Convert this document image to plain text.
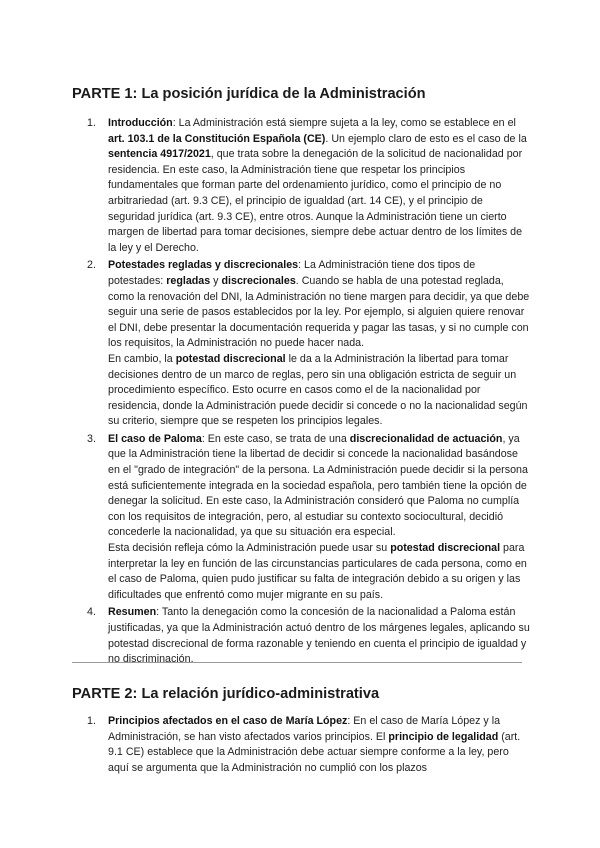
PARTE 1: La posición jurídica de la Administración
1. Introducción: La Administración está siempre sujeta a la ley, como se establece en el art. 103.1 de la Constitución Española (CE). Un ejemplo claro de esto es el caso de la sentencia 4917/2021, que trata sobre la denegación de la solicitud de nacionalidad por residencia. En este caso, la Administración tiene que respetar los principios fundamentales que forman parte del ordenamiento jurídico, como el principio de no arbitrariedad (art. 9.3 CE), el principio de igualdad (art. 14 CE), y el principio de seguridad jurídica (art. 9.3 CE), entre otros. Aunque la Administración tiene un cierto margen de libertad para tomar decisiones, siempre debe actuar dentro de los límites de la ley y el Derecho.

2. Potestades regladas y discrecionales: La Administración tiene dos tipos de potestades: regladas y discrecionales. Cuando se habla de una potestad reglada, como la renovación del DNI, la Administración no tiene margen para decidir, ya que debe seguir una serie de pasos establecidos por la ley. Por ejemplo, si alguien quiere renovar el DNI, debe presentar la documentación requerida y pagar las tasas, y si no cumple con los requisitos, la Administración no puede hacer nada.

En cambio, la potestad discrecional le da a la Administración la libertad para tomar decisiones dentro de un marco de reglas, pero sin una obligación estricta de seguir un procedimiento específico. Esto ocurre en casos como el de la nacionalidad por residencia, donde la Administración puede decidir si concede o no la nacionalidad según su criterio, siempre que se respeten los principios legales.

3. El caso de Paloma: En este caso, se trata de una discrecionalidad de actuación, ya que la Administración tiene la libertad de decidir si concede la nacionalidad basándose en el "grado de integración" de la persona. La Administración puede decidir si la persona está suficientemente integrada en la sociedad española, pero también tiene la opción de denegar la solicitud. En este caso, la Administración consideró que Paloma no cumplía con los requisitos de integración, pero, al estudiar su contexto sociocultural, decidió concederle la nacionalidad, ya que su situación era especial.

Esta decisión refleja cómo la Administración puede usar su potestad discrecional para interpretar la ley en función de las circunstancias particulares de cada persona, como en el caso de Paloma, quien pudo justificar su falta de integración debido a su origen y las dificultades que enfrentó como mujer migrante en su país.

4. Resumen: Tanto la denegación como la concesión de la nacionalidad a Paloma están justificadas, ya que la Administración actuó dentro de los márgenes legales, aplicando su potestad discrecional de forma razonable y teniendo en cuenta el principio de igualdad y no discriminación.

PARTE 2: La relación jurídico-administrativa
1. Principios afectados en el caso de María López: En el caso de María López y la Administración, se han visto afectados varios principios. El principio de legalidad (art. 9.1 CE) establece que la Administración debe actuar siempre conforme a la ley, pero aquí se argumenta que la Administración no cumplió con los plazos
